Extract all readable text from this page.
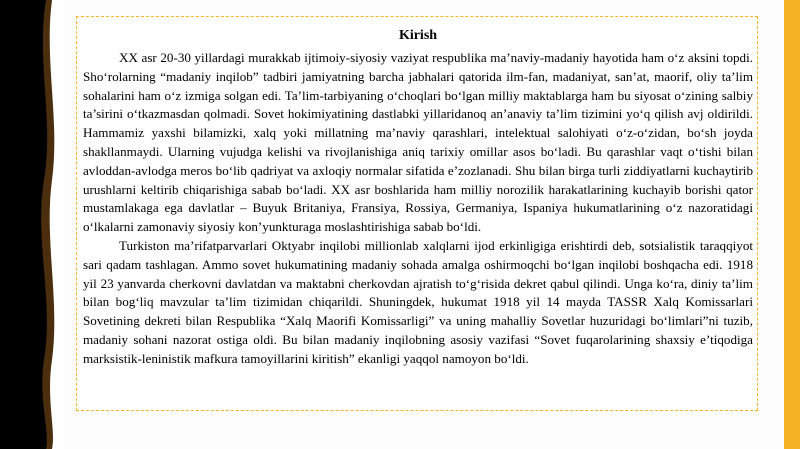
Kirish

XX asr 20-30 yillardagi murakkab ijtimoiy-siyosiy vaziyat respublika ma’naviy-madaniy hayotida ham o‘z aksini topdi. Sho‘rolarning “madaniy inqilob” tadbiri jamiyatning barcha jabhalari qatorida ilm-fan, madaniyat, san’at, maorif, oliy ta’lim sohalarini ham o‘z izmiga solgan edi. Ta’lim-tarbiyaning o‘choqlari bo‘lgan milliy maktablarga ham bu siyosat o‘zining salbiy ta’sirini o‘tkazmasdan qolmadi. Sovet hokimiyatining dastlabki yillaridanoq an’anaviy ta’lim tizimini yo‘q qilish avj oldirildi. Hammamiz yaxshi bilamizki, xalq yoki millatning ma’naviy qarashlari, intelektual salohiyati o‘z-o‘zidan, bo‘sh joyda shakllanmaydi. Ularning vujudga kelishi va rivojlanishiga aniq tarixiy omillar asos bo‘ladi. Bu qarashlar vaqt o‘tishi bilan avloddan-avlodga meros bo‘lib qadriyat va axloqiy normalar sifatida e’zozlanadi. Shu bilan birga turli ziddiyatlarni kuchaytirib urushlarni keltirib chiqarishiga sabab bo‘ladi. XX asr boshlarida ham milliy norozilik harakatlarining kuchayib borishi qator mustamlakaga ega davlatlar – Buyuk Britaniya, Fransiya, Rossiya, Germaniya, Ispaniya hukumatlarining o‘z nazoratidagi o‘lkalarni zamonaviy siyosiy kon’yunkturaga moslashtirishiga sabab bo‘ldi.

Turkiston ma’rifatparvarlari Oktyabr inqilobi millionlab xalqlarni ijod erkinligiga erishtirdi deb, sotsialistik taraqqiyot sari qadam tashlagan. Ammo sovet hukumatining madaniy sohada amalga oshirmoqchi bo‘lgan inqilobi boshqacha edi. 1918 yil 23 yanvarda cherkovni davlatdan va maktabni cherkovdan ajratish to‘g‘risida dekret qabul qilindi. Unga ko‘ra, diniy ta’lim bilan bog‘liq mavzular ta’lim tizimidan chiqarildi. Shuningdek, hukumat 1918 yil 14 mayda TASSR Xalq Komissarlari Sovetining dekreti bilan Respublika “Xalq Maorifi Komissarligi” va uning mahalliy Sovetlar huzuridagi bo‘limlari”ni tuzib, madaniy sohani nazorat ostiga oldi. Bu bilan madaniy inqilobning asosiy vazifasi “Sovet fuqarolarining shaxsiy e’tiqodiga marksistik-leninistik mafkura tamoyillarini kiritish” ekanligi yaqqol namoyon bo‘ldi.
